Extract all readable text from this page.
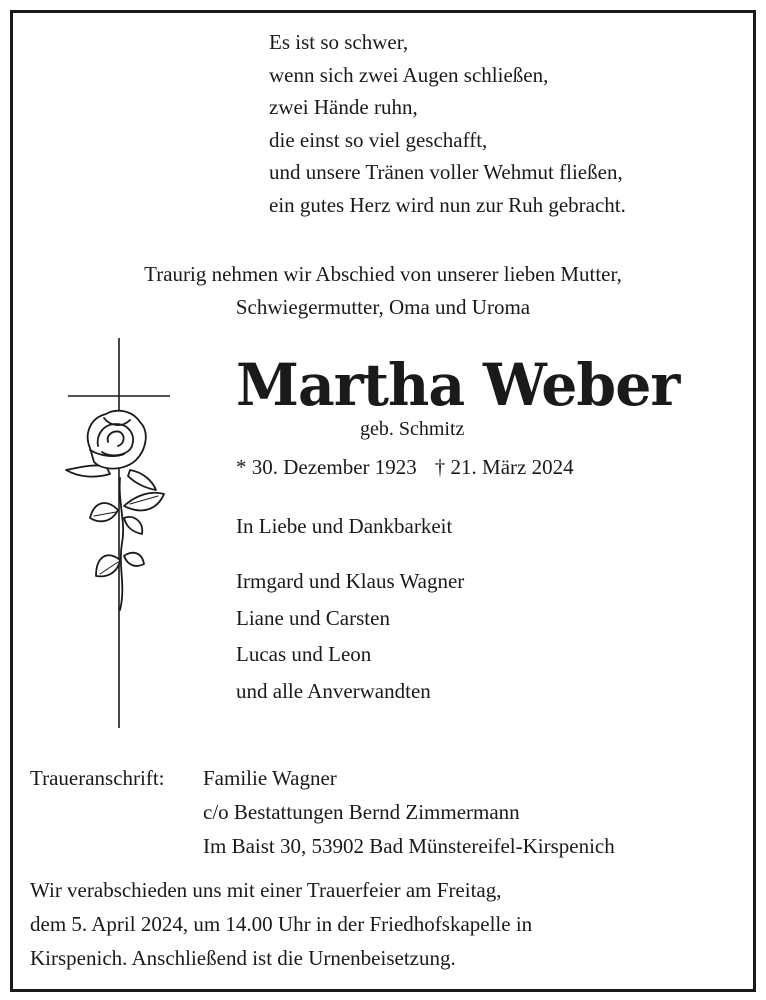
Es ist so schwer,
wenn sich zwei Augen schließen,
zwei Hände ruhn,
die einst so viel geschafft,
und unsere Tränen voller Wehmut fließen,
ein gutes Herz wird nun zur Ruh gebracht.
Traurig nehmen wir Abschied von unserer lieben Mutter,
Schwiegermutter, Oma und Uroma
Martha Weber
geb. Schmitz
* 30. Dezember 1923 † 21. März 2024
In Liebe und Dankbarkeit
Irmgard und Klaus Wagner
Liane und Carsten
Lucas und Leon
und alle Anverwandten
Traueranschrift:	Familie Wagner
c/o Bestattungen Bernd Zimmermann
Im Baist 30, 53902 Bad Münstereifel-Kirspenich
Wir verabschieden uns mit einer Trauerfeier am Freitag,
dem 5. April 2024, um 14.00 Uhr in der Friedhofskapelle in
Kirspenich. Anschließend ist die Urnenbeisetzung.
